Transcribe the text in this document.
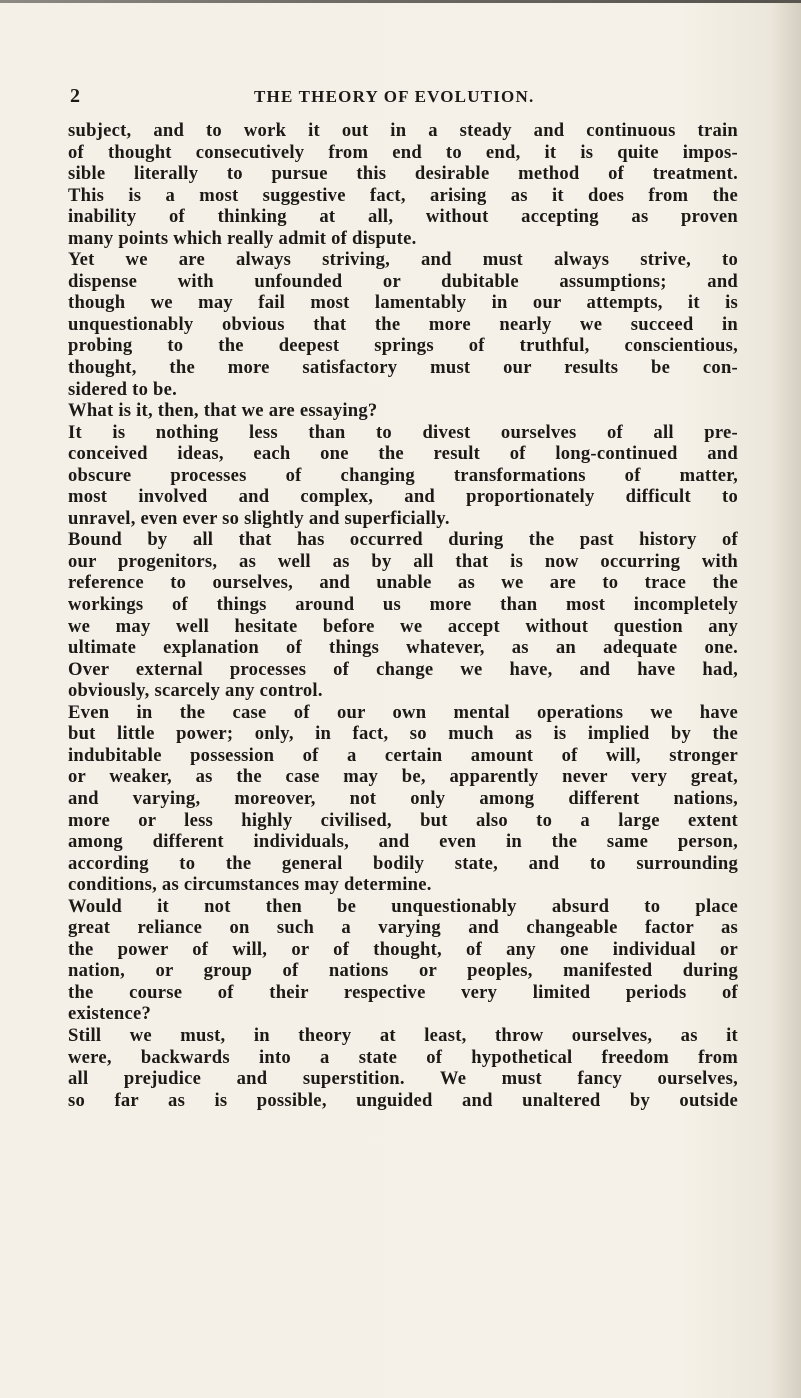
2	THE THEORY OF EVOLUTION.
subject, and to work it out in a steady and continuous train
of thought consecutively from end to end, it is quite impos-
sible literally to pursue this desirable method of treatment.
This is a most suggestive fact, arising as it does from the
inability of thinking at all, without accepting as proven
many points which really admit of dispute.
Yet we are always striving, and must always strive, to
dispense with unfounded or dubitable assumptions; and
though we may fail most lamentably in our attempts, it is
unquestionably obvious that the more nearly we succeed in
probing to the deepest springs of truthful, conscientious,
thought, the more satisfactory must our results be con-
sidered to be.
What is it, then, that we are essaying?
It is nothing less than to divest ourselves of all pre-
conceived ideas, each one the result of long-continued and
obscure processes of changing transformations of matter,
most involved and complex, and proportionately difficult to
unravel, even ever so slightly and superficially.
Bound by all that has occurred during the past history of
our progenitors, as well as by all that is now occurring with
reference to ourselves, and unable as we are to trace the
workings of things around us more than most incompletely
we may well hesitate before we accept without question any
ultimate explanation of things whatever, as an adequate one.
Over external processes of change we have, and have had,
obviously, scarcely any control.
Even in the case of our own mental operations we have
but little power; only, in fact, so much as is implied by the
indubitable possession of a certain amount of will, stronger
or weaker, as the case may be, apparently never very great,
and varying, moreover, not only among different nations,
more or less highly civilised, but also to a large extent
among different individuals, and even in the same person,
according to the general bodily state, and to surrounding
conditions, as circumstances may determine.
Would it not then be unquestionably absurd to place
great reliance on such a varying and changeable factor as
the power of will, or of thought, of any one individual or
nation, or group of nations or peoples, manifested during
the course of their respective very limited periods of
existence?
Still we must, in theory at least, throw ourselves, as it
were, backwards into a state of hypothetical freedom from
all prejudice and superstition. We must fancy ourselves,
so far as is possible, unguided and unaltered by outside
